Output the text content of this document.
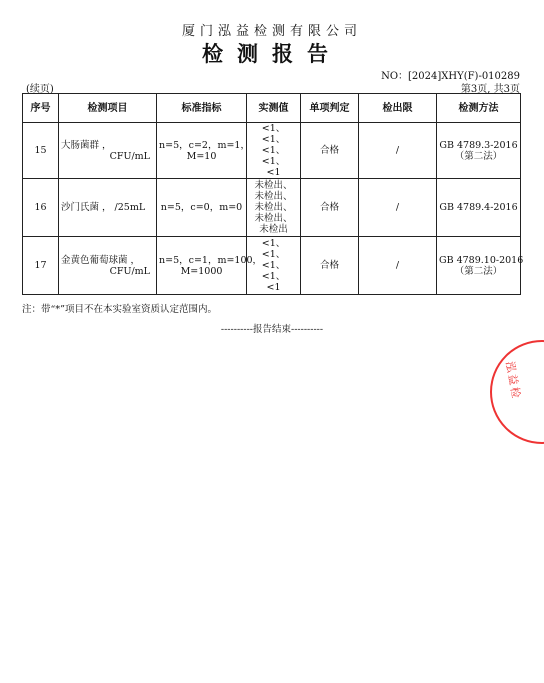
厦门泓益检测有限公司
检测报告
NO：[2024]XHY(F)-010289
(续页)	第3页, 共3页
序号	检测项目	标准指标	实测值	单项判定	检出限	检测方法
15	大肠菌群 ，
CFU/mL	n=5，c=2，m=1，
M=10	<1、
<1、
<1、
<1、
<1	合格	/	GB 4789.3-2016
（第二法）

16	沙门氏菌 ， /25mL	n=5，c=0，m=0	未检出、
未检出、
未检出、
未检出、
未检出	合格	/	GB 4789.4-2016

17	金黄色葡萄球菌 ，
CFU/mL	n=5，c=1，m=100，
M=1000	<1、
<1、
<1、
<1、
<1	合格	/	GB 4789.10-2016
（第二法）
注：带“*”项目不在本实验室资质认定范围内。
----------报告结束----------
泓益检
